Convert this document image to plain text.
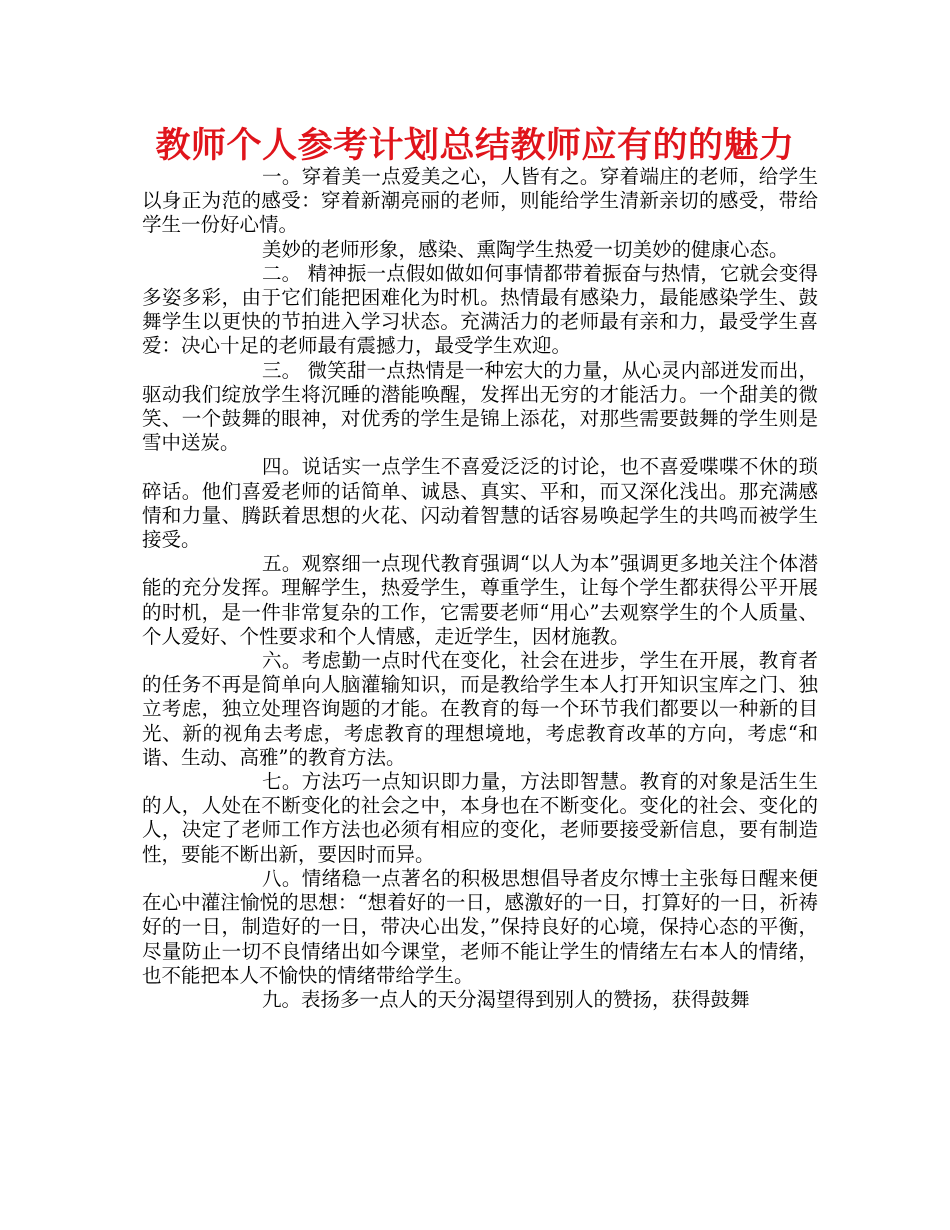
教师个人参考计划总结教师应有的的魅力

一。穿着美一点爱美之心，人皆有之。穿着端庄的老师，给学生以身正为范的感受：穿着新潮亮丽的老师，则能给学生清新亲切的感受，带给学生一份好心情。

美妙的老师形象，感染、熏陶学生热爱一切美妙的健康心态。

二。 精神振一点假如做如何事情都带着振奋与热情，它就会变得多姿多彩，由于它们能把困难化为时机。热情最有感染力，最能感染学生、鼓舞学生以更快的节拍进入学习状态。充满活力的老师最有亲和力，最受学生喜爱：决心十足的老师最有震撼力，最受学生欢迎。

三。 微笑甜一点热情是一种宏大的力量，从心灵内部迸发而出，驱动我们绽放学生将沉睡的潜能唤醒，发挥出无穷的才能活力。一个甜美的微笑、一个鼓舞的眼神，对优秀的学生是锦上添花，对那些需要鼓舞的学生则是雪中送炭。

四。说话实一点学生不喜爱泛泛的讨论，也不喜爱喋喋不休的琐碎话。他们喜爱老师的话简单、诚恳、真实、平和，而又深化浅出。那充满感情和力量、腾跃着思想的火花、闪动着智慧的话容易唤起学生的共鸣而被学生接受。

五。观察细一点现代教育强调“以人为本”强调更多地关注个体潜能的充分发挥。理解学生，热爱学生，尊重学生，让每个学生都获得公平开展的时机，是一件非常复杂的工作，它需要老师“用心”去观察学生的个人质量、个人爱好、个性要求和个人情感，走近学生，因材施教。

六。考虑勤一点时代在变化，社会在进步，学生在开展，教育者的任务不再是简单向人脑灌输知识，而是教给学生本人打开知识宝库之门、独立考虑，独立处理咨询题的才能。在教育的每一个环节我们都要以一种新的目光、新的视角去考虑，考虑教育的理想境地，考虑教育改革的方向，考虑“和谐、生动、高雅”的教育方法。

七。方法巧一点知识即力量，方法即智慧。教育的对象是活生生的人，人处在不断变化的社会之中，本身也在不断变化。变化的社会、变化的人，决定了老师工作方法也必须有相应的变化，老师要接受新信息，要有制造性，要能不断出新，要因时而异。

八。情绪稳一点著名的积极思想倡导者皮尔博士主张每日醒来便在心中灌注愉悦的思想：“想着好的一日，感激好的一日，打算好的一日，祈祷好的一日，制造好的一日，带决心出发，”保持良好的心境，保持心态的平衡，尽量防止一切不良情绪出如今课堂，老师不能让学生的情绪左右本人的情绪，也不能把本人不愉快的情绪带给学生。

九。表扬多一点人的天分渴望得到别人的赞扬，获得鼓舞
